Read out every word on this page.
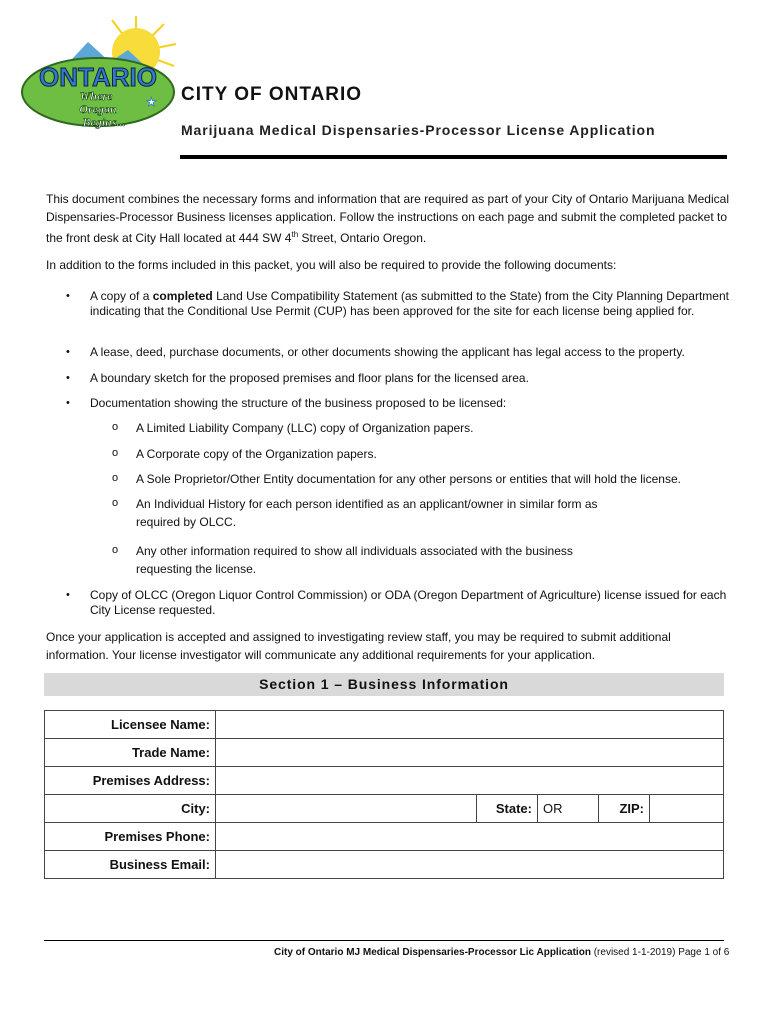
ONTARIO
Where
Oregon
Begins...
★ CITY OF ONTARIO
Marijuana Medical Dispensaries-Processor License Application
This document combines the necessary forms and information that are required as part of your City of Ontario Marijuana Medical Dispensaries-Processor Business licenses application. Follow the instructions on each page and submit the completed packet to the front desk at City Hall located at 444 SW 4th Street, Ontario Oregon.
In addition to the forms included in this packet, you will also be required to provide the following documents:
• A copy of a completed Land Use Compatibility Statement (as submitted to the State) from the City Planning Department indicating that the Conditional Use Permit (CUP) has been approved for the site for each license being applied for.
• A lease, deed, purchase documents, or other documents showing the applicant has legal access to the property.
• A boundary sketch for the proposed premises and floor plans for the licensed area.
• Documentation showing the structure of the business proposed to be licensed:
o A Limited Liability Company (LLC) copy of Organization papers.
o A Corporate copy of the Organization papers.
o A Sole Proprietor/Other Entity documentation for any other persons or entities that will hold the license.
o An Individual History for each person identified as an applicant/owner in similar form as required by OLCC.
o Any other information required to show all individuals associated with the business requesting the license.
• Copy of OLCC (Oregon Liquor Control Commission) or ODA (Oregon Department of Agriculture) license issued for each City License requested.
Once your application is accepted and assigned to investigating review staff, you may be required to submit additional information. Your license investigator will communicate any additional requirements for your application.
Section 1 – Business Information
Licensee Name:					
Trade Name:					
Premises Address:					
City:		State:	OR	ZIP:	
Premises Phone:					
Business Email:					
City of Ontario MJ Medical Dispensaries-Processor Lic Application (revised 1-1-2019) Page 1 of 6
